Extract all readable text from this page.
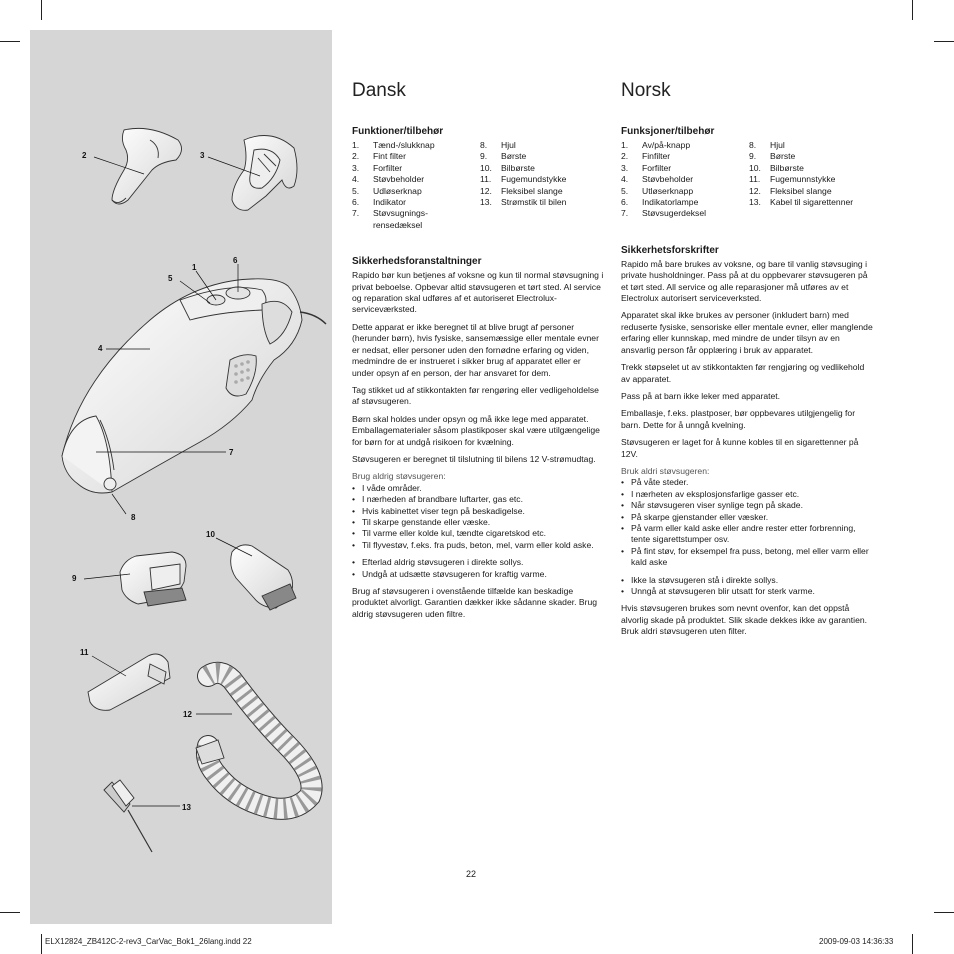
1
2	3
4
5
6
7
8
9
10
11
12
13
Dansk
Funktioner/tilbehør
1.	Tænd-/slukknap
2.	Fint filter
3.	Forfilter
4.	Støvbeholder
5.	Udløserknap
6.	Indikator
7.	Støvsugnings-
rensedæksel
8.	Hjul
9.	Børste
10.	Bilbørste
11.	Fugemundstykke
12.	Fleksibel slange
13.	Strømstik til bilen
Sikkerhedsforanstaltninger

Rapido bør kun betjenes af voksne og kun til normal støvsugning i privat beboelse. Opbevar altid støvsugeren et tørt sted. Al service og reparation skal udføres af et autoriseret Electrolux-serviceværksted.

Dette apparat er ikke beregnet til at blive brugt af personer (herunder børn), hvis fysiske, sansemæssige eller mentale evner er nedsat, eller personer uden den fornødne erfaring og viden, medmindre de er instrueret i sikker brug af apparatet eller er under opsyn af en person, der har ansvaret for dem.

Tag stikket ud af stikkontakten før rengøring eller vedligeholdelse af støvsugeren.

Børn skal holdes under opsyn og må ikke lege med apparatet. Emballagematerialer såsom plastikposer skal være utilgængelige for børn for at undgå risikoen for kvælning.

Støvsugeren er beregnet til tilslutning til bilens 12 V-strømudtag.

Brug aldrig støvsugeren:
• I våde områder.
• I nærheden af brandbare luftarter, gas etc.
• Hvis kabinettet viser tegn på beskadigelse.
• Til skarpe genstande eller væske.
• Til varme eller kolde kul, tændte cigaretskod etc.
• Til flyvestøv, f.eks. fra puds, beton, mel, varm eller kold aske.
• Efterlad aldrig støvsugeren i direkte sollys.
• Undgå at udsætte støvsugeren for kraftig varme.

Brug af støvsugeren i ovenstående tilfælde kan beskadige produktet alvorligt. Garantien dækker ikke sådanne skader. Brug aldrig støvsugeren uden filtre.

Norsk
Funksjoner/tilbehør
1.	Av/på-knapp
2.	Finfilter
3.	Forfilter
4.	Støvbeholder
5.	Utløserknapp
6.	Indikatorlampe
7.	Støvsugerdeksel
8.	Hjul
9.	Børste
10.	Bilbørste
11.	Fugemunnstykke
12.	Fleksibel slange
13.	Kabel til sigarettenner
Sikkerhetsforskrifter

Rapido må bare brukes av voksne, og bare til vanlig støvsuging i private husholdninger. Pass på at du oppbevarer støvsugeren på et tørt sted. All service og alle reparasjoner må utføres av et Electrolux autorisert serviceverksted.

Apparatet skal ikke brukes av personer (inkludert barn) med reduserte fysiske, sensoriske eller mentale evner, eller manglende erfaring eller kunnskap, med mindre de under tilsyn av en ansvarlig person får opplæring i bruk av apparatet.

Trekk støpselet ut av stikkontakten før rengjøring og vedlikehold av apparatet.

Pass på at barn ikke leker med apparatet.

Emballasje, f.eks. plastposer, bør oppbevares utilgjengelig for barn. Dette for å unngå kvelning.

Støvsugeren er laget for å kunne kobles til en sigarettenner på 12V.

Bruk aldri støvsugeren:
• På våte steder.
• I nærheten av eksplosjonsfarlige gasser etc.
• Når støvsugeren viser synlige tegn på skade.
• På skarpe gjenstander eller væsker.
• På varm eller kald aske eller andre rester etter forbrenning, tente sigarettstumper osv.
• På fint støv, for eksempel fra puss, betong, mel eller varm eller kald aske
• Ikke la støvsugeren stå i direkte sollys.
• Unngå at støvsugeren blir utsatt for sterk varme.

Hvis støvsugeren brukes som nevnt ovenfor, kan det oppstå alvorlig skade på produktet. Slik skade dekkes ikke av garantien. Bruk aldri støvsugeren uten filter.

22
ELX12824_ZB412C-2-rev3_CarVac_Bok1_26lang.indd 22	2009-09-03 14:36:33
